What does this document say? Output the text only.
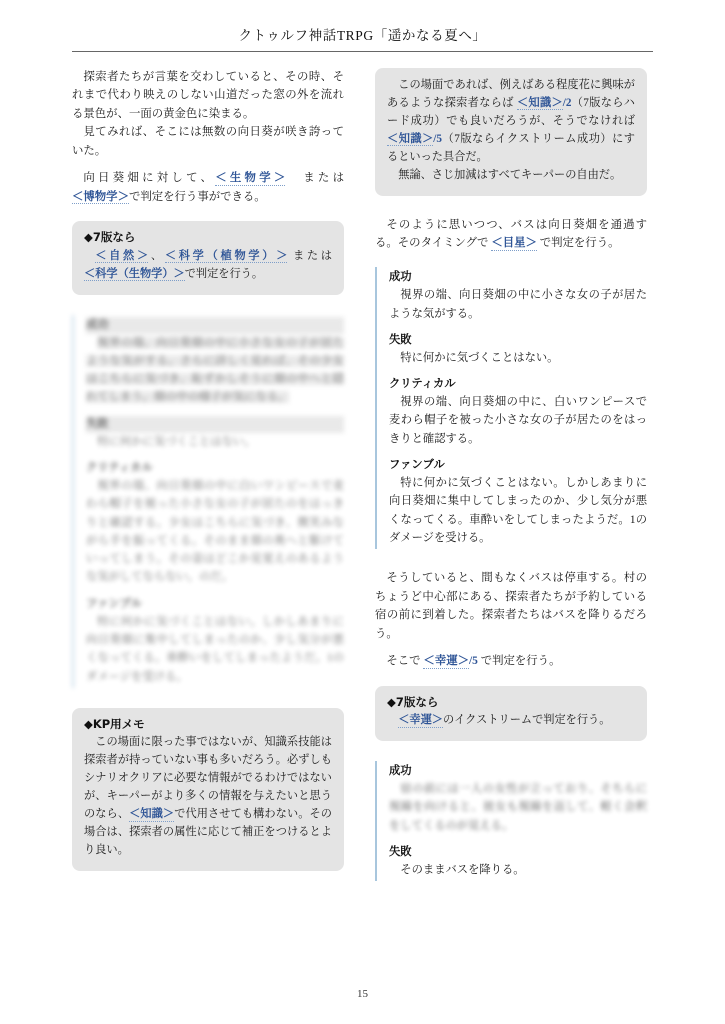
クトゥルフ神話TRPG「遥かなる夏へ」

探索者たちが言葉を交わしていると、その時、それまで代わり映えのしない山道だった窓の外を流れる景色が、一面の黄金色に染まる。

見てみれば、そこには無数の向日葵が咲き誇っていた。

向日葵畑に対して、＜生物学＞　または　＜博物学＞で判定を行う事ができる。

◆7版なら

＜自然＞、＜科学（植物学）＞ または ＜科学（生物学）＞で判定を行う。

成功

視界の端、向日葵畑の中に小さな女の子が居たような気がする。さらに詳しく見れば、その少女はこちらに気づき、恥ずかしそうに畑の中へと隠れてしまう。畑の中の様子が気になる。

失敗

特に何かに気づくことはない。

クリティカル

視界の端、向日葵畑の中に白いワンピースで麦わら帽子を被った小さな女の子が居たのをはっきりと確認する。少女はこちらに気づき、微笑みながら手を振ってくる。そのまま畑の奥へと駆けていってしまう。その姿はどこか見覚えのあるような気がしてならない。のだ。

ファンブル

特に何かに気づくことはない。しかしあまりに向日葵畑に集中してしまったのか、少し気分が悪くなってくる。車酔いをしてしまったようだ。1のダメージを受ける。

◆KP用メモ

この場面に限った事ではないが、知識系技能は探索者が持っていない事も多いだろう。必ずしもシナリオクリアに必要な情報がでるわけではないが、キーパーがより多くの情報を与えたいと思うのなら、＜知識＞で代用させても構わない。その場合は、探索者の属性に応じて補正をつけるとより良い。

この場面であれば、例えばある程度花に興味があるような探索者ならば ＜知識＞/2（7版ならハード成功）でも良いだろうが、そうでなければ ＜知識＞/5（7版ならイクストリーム成功）にするといった具合だ。

無論、さじ加減はすべてキーパーの自由だ。

そのように思いつつ、バスは向日葵畑を通過する。そのタイミングで ＜目星＞ で判定を行う。

成功

視界の端、向日葵畑の中に小さな女の子が居たような気がする。

失敗

特に何かに気づくことはない。

クリティカル

視界の端、向日葵畑の中に、白いワンピースで麦わら帽子を被った小さな女の子が居たのをはっきりと確認する。

ファンブル

特に何かに気づくことはない。しかしあまりに向日葵畑に集中してしまったのか、少し気分が悪くなってくる。車酔いをしてしまったようだ。1のダメージを受ける。

そうしていると、間もなくバスは停車する。村のちょうど中心部にある、探索者たちが予約している宿の前に到着した。探索者たちはバスを降りるだろう。

そこで ＜幸運＞/5 で判定を行う。

◆7版なら

＜幸運＞のイクストリームで判定を行う。

成功

宿の前には一人の女性が立っており、そちらに視線を向けると、彼女も視線を返して、軽く会釈をしてくるのが見える。

失敗

そのままバスを降りる。

15
